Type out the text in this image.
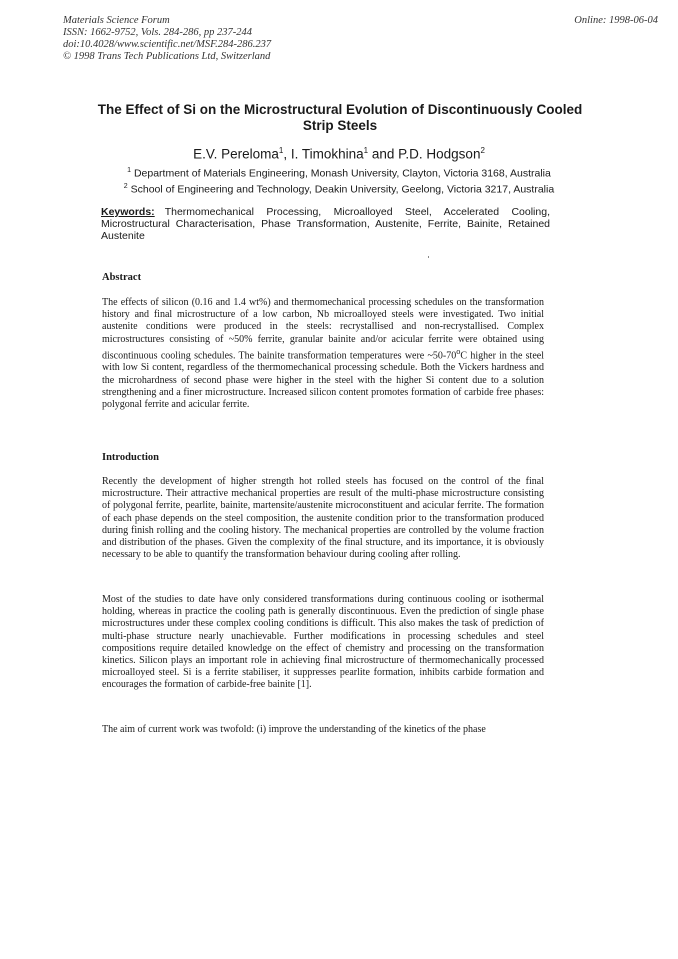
Materials Science Forum
ISSN: 1662-9752, Vols. 284-286, pp 237-244
doi:10.4028/www.scientific.net/MSF.284-286.237
© 1998 Trans Tech Publications Ltd, Switzerland
Online: 1998-06-04
The Effect of Si on the Microstructural Evolution of Discontinuously Cooled Strip Steels
E.V. Pereloma$^1$, I. Timokhina$^1$ and P.D. Hodgson$^2$
$^1$ Department of Materials Engineering, Monash University, Clayton, Victoria 3168, Australia
$^2$ School of Engineering and Technology, Deakin University, Geelong, Victoria 3217, Australia
Keywords: Thermomechanical Processing, Microalloyed Steel, Accelerated Cooling, Microstructural Characterisation, Phase Transformation, Austenite, Ferrite, Bainite, Retained Austenite
Abstract
The effects of silicon (0.16 and 1.4 wt%) and thermomechanical processing schedules on the transformation history and final microstructure of a low carbon, Nb microalloyed steels were investigated. Two initial austenite conditions were produced in the steels: recrystallised and non-recrystallised. Complex microstructures consisting of ~50% ferrite, granular bainite and/or acicular ferrite were obtained using discontinuous cooling schedules. The bainite transformation temperatures were ~50-70$^o$C higher in the steel with low Si content, regardless of the thermomechanical processing schedule. Both the Vickers hardness and the microhardness of second phase were higher in the steel with the higher Si content due to a solution strengthening and a finer microstructure. Increased silicon content promotes formation of carbide free phases: polygonal ferrite and acicular ferrite.
Introduction
Recently the development of higher strength hot rolled steels has focused on the control of the final microstructure. Their attractive mechanical properties are result of the multi-phase microstructure consisting of polygonal ferrite, pearlite, bainite, martensite/austenite microconstituent and acicular ferrite. The formation of each phase depends on the steel composition, the austenite condition prior to the transformation produced during finish rolling and the cooling history. The mechanical properties are controlled by the volume fraction and distribution of the phases. Given the complexity of the final structure, and its importance, it is obviously necessary to be able to quantify the transformation behaviour during cooling after rolling.
Most of the studies to date have only considered transformations during continuous cooling or isothermal holding, whereas in practice the cooling path is generally discontinuous. Even the prediction of single phase microstructures under these complex cooling conditions is difficult. This also makes the task of prediction of multi-phase structure nearly unachievable. Further modifications in processing schedules and steel compositions require detailed knowledge on the effect of chemistry and processing on the transformation kinetics. Silicon plays an important role in achieving final microstructure of thermomechanically processed microalloyed steel. Si is a ferrite stabiliser, it suppresses pearlite formation, inhibits carbide formation and encourages the formation of carbide-free bainite [1].
The aim of current work was twofold: (i) improve the understanding of the kinetics of the phase
